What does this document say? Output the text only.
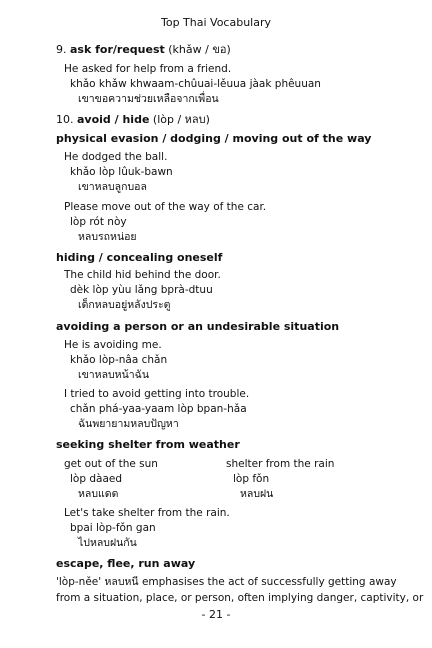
Top Thai Vocabulary
9. ask for/request (khǎw / ขอ)
He asked for help from a friend.
khǎo khǎw khwaam-chûuai-lěuua jàak phêuuan
เขาขอความช่วยเหลือจากเพื่อน
10. avoid / hide (lòp / หลบ)
physical evasion / dodging / moving out of the way
He dodged the ball.
khǎo lòp lûuk-bawn
เขาหลบลูกบอล
Please move out of the way of the car.
lòp rót nòy
หลบรถหน่อย
hiding / concealing oneself
The child hid behind the door.
dèk lòp yùu lǎng bprà-dtuu
เด็กหลบอยู่หลังประตู
avoiding a person or an undesirable situation
He is avoiding me.
khǎo lòp-nâa chǎn
เขาหลบหน้าฉัน
I tried to avoid getting into trouble.
chǎn phá-yaa-yaam lòp bpan-hǎa
ฉันพยายามหลบปัญหา
seeking shelter from weather
get out of the sun
lòp dàaed
หลบแดด
shelter from the rain
lòp fǒn
หลบฝน
Let's take shelter from the rain.
bpai lòp-fǒn gan
ไปหลบฝนกัน
escape, flee, run away
'lòp-něe' หลบหนี emphasises the act of successfully getting away
from a situation, place, or person, often implying danger, captivity, or
- 21 -
